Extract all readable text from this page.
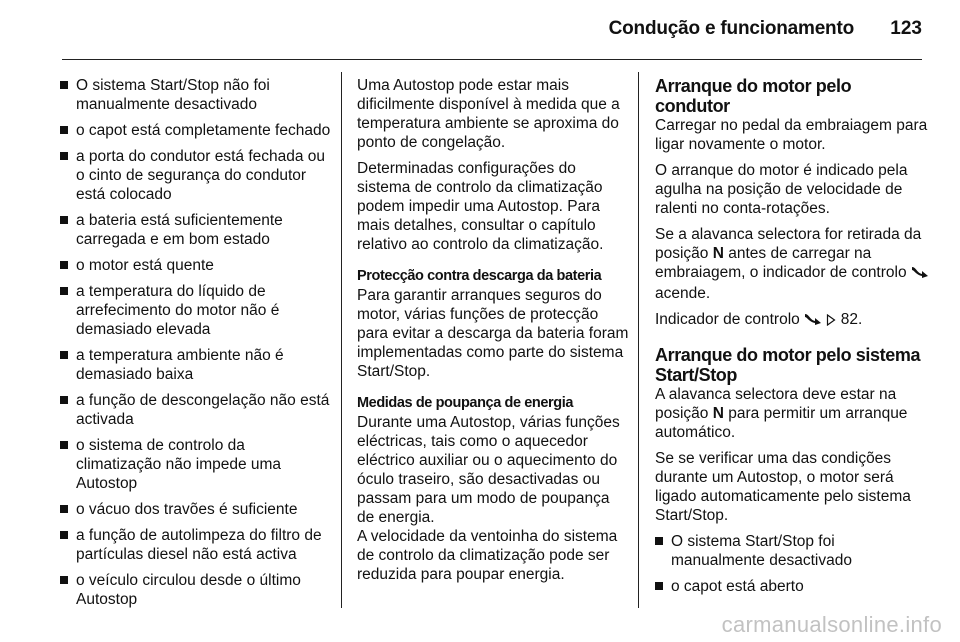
Condução e funcionamento 123
O sistema Start/Stop não foi manualmente desactivado
o capot está completamente fechado
a porta do condutor está fechada ou o cinto de segurança do condutor está colocado
a bateria está suficientemente carregada e em bom estado
o motor está quente
a temperatura do líquido de arrefecimento do motor não é demasiado elevada
a temperatura ambiente não é demasiado baixa
a função de descongelação não está activada
o sistema de controlo da climatização não impede uma Autostop
o vácuo dos travões é suficiente
a função de autolimpeza do filtro de partículas diesel não está activa
o veículo circulou desde o último Autostop

Uma Autostop pode estar mais dificilmente disponível à medida que a temperatura ambiente se aproxima do ponto de congelação.

Determinadas configurações do sistema de controlo da climatização podem impedir uma Autostop. Para mais detalhes, consultar o capítulo relativo ao controlo da climatização.

Protecção contra descarga da bateria

Para garantir arranques seguros do motor, várias funções de protecção para evitar a descarga da bateria foram implementadas como parte do sistema Start/Stop.

Medidas de poupança de energia

Durante uma Autostop, várias funções eléctricas, tais como o aquecedor eléctrico auxiliar ou o aquecimento do óculo traseiro, são desactivadas ou passam para um modo de poupança de energia.

A velocidade da ventoinha do sistema de controlo da climatização pode ser reduzida para poupar energia.

Arranque do motor pelo condutor

Carregar no pedal da embraiagem para ligar novamente o motor.

O arranque do motor é indicado pela agulha na posição de velocidade de ralenti no conta-rotações.

Se a alavanca selectora for retirada da posição N antes de carregar na embraiagem, o indicador de controlo  acende.

Indicador de controlo   82.

Arranque do motor pelo sistema Start/Stop

A alavanca selectora deve estar na posição N para permitir um arranque automático.

Se se verificar uma das condições durante um Autostop, o motor será ligado automaticamente pelo sistema Start/Stop.

O sistema Start/Stop foi manualmente desactivado
o capot está aberto
carmanualsonline.info
